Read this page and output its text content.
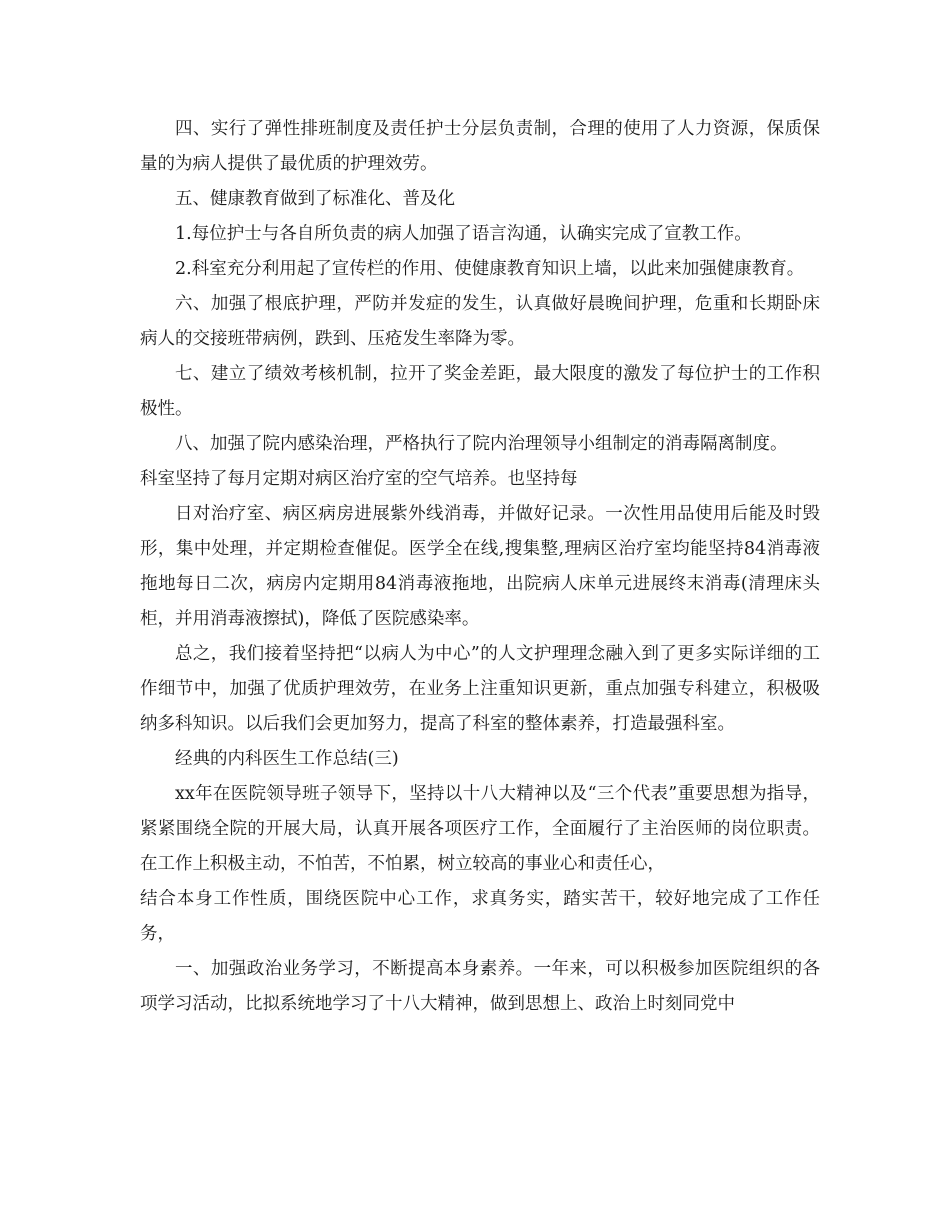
四、实行了弹性排班制度及责任护士分层负责制，合理的使用了人力资源，保质保量的为病人提供了最优质的护理效劳。

五、健康教育做到了标准化、普及化

1.每位护士与各自所负责的病人加强了语言沟通，认确实完成了宣教工作。

2.科室充分利用起了宣传栏的作用、使健康教育知识上墙，以此来加强健康教育。

六、加强了根底护理，严防并发症的发生，认真做好晨晚间护理，危重和长期卧床病人的交接班带病例，跌到、压疮发生率降为零。

七、建立了绩效考核机制，拉开了奖金差距，最大限度的激发了每位护士的工作积极性。

八、加强了院内感染治理，严格执行了院内治理领导小组制定的消毒隔离制度。

科室坚持了每月定期对病区治疗室的空气培养。也坚持每

日对治疗室、病区病房进展紫外线消毒，并做好记录。一次性用品使用后能及时毁形，集中处理，并定期检查催促。医学全在线,搜集整,理病区治疗室均能坚持84消毒液拖地每日二次，病房内定期用84消毒液拖地，出院病人床单元进展终末消毒(清理床头柜，并用消毒液擦拭)，降低了医院感染率。

总之，我们接着坚持把“以病人为中心”的人文护理理念融入到了更多实际详细的工作细节中，加强了优质护理效劳，在业务上注重知识更新，重点加强专科建立，积极吸纳多科知识。以后我们会更加努力，提高了科室的整体素养，打造最强科室。

经典的内科医生工作总结(三)

xx年在医院领导班子领导下，坚持以十八大精神以及“三个代表”重要思想为指导，紧紧围绕全院的开展大局，认真开展各项医疗工作，全面履行了主治医师的岗位职责。在工作上积极主动，不怕苦，不怕累，树立较高的事业心和责任心，

结合本身工作性质，围绕医院中心工作，求真务实，踏实苦干，较好地完成了工作任务，

一、加强政治业务学习，不断提高本身素养。一年来，可以积极参加医院组织的各项学习活动，比拟系统地学习了十八大精神，做到思想上、政治上时刻同党中
